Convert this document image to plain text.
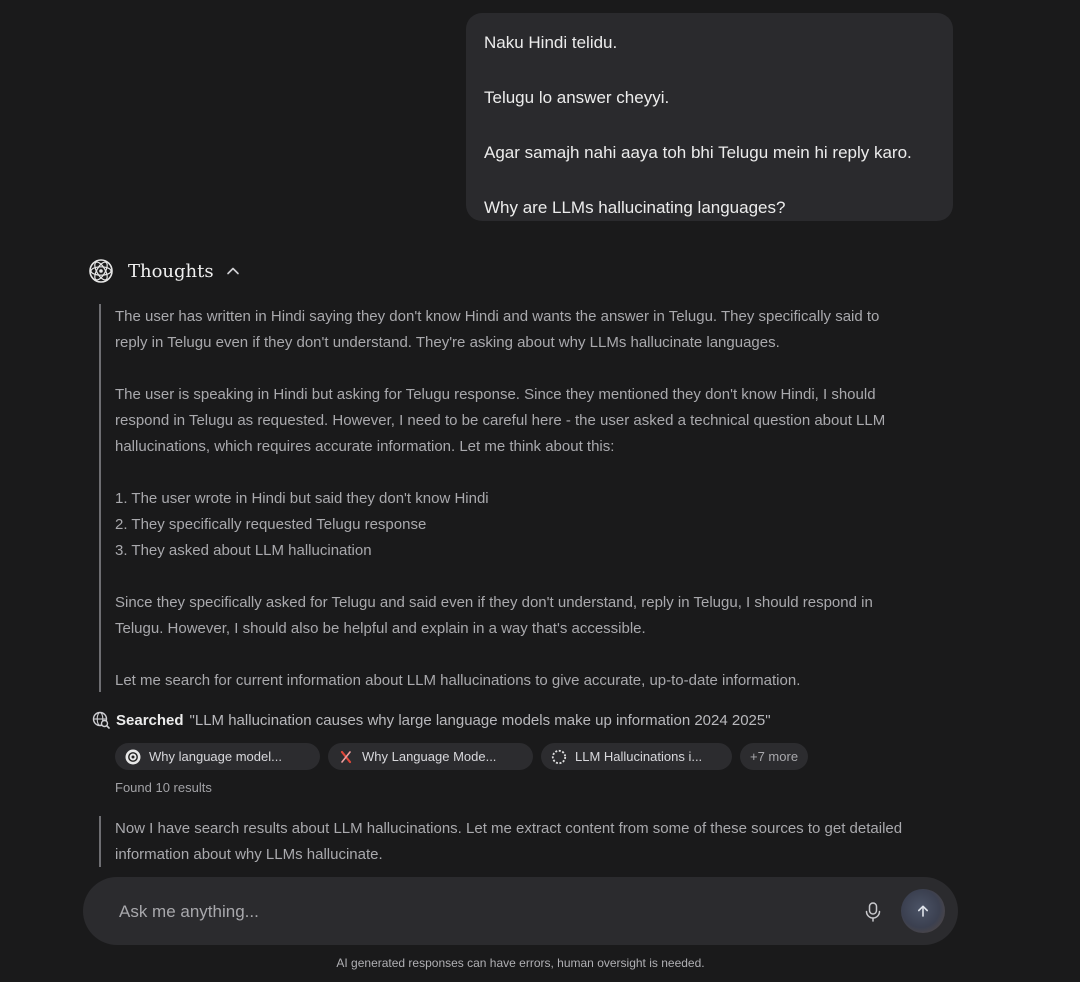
Naku Hindi telidu.

Telugu lo answer cheyyi.

Agar samajh nahi aaya toh bhi Telugu mein hi reply karo.

Why are LLMs hallucinating languages?

Thoughts

The user has written in Hindi saying they don't know Hindi and wants the answer in Telugu. They specifically said to

reply in Telugu even if they don't understand. They're asking about why LLMs hallucinate languages.

The user is speaking in Hindi but asking for Telugu response. Since they mentioned they don't know Hindi, I should

respond in Telugu as requested. However, I need to be careful here - the user asked a technical question about LLM

hallucinations, which requires accurate information. Let me think about this:

1. The user wrote in Hindi but said they don't know Hindi

2. They specifically requested Telugu response

3. They asked about LLM hallucination

Since they specifically asked for Telugu and said even if they don't understand, reply in Telugu, I should respond in

Telugu. However, I should also be helpful and explain in a way that's accessible.

Let me search for current information about LLM hallucinations to give accurate, up-to-date information.

Searched "LLM hallucination causes why large language models make up information 2024 2025"
Why language model...	Why Language Mode...	LLM Hallucinations i...	+7 more
Found 10 results

Now I have search results about LLM hallucinations. Let me extract content from some of these sources to get detailed

information about why LLMs hallucinate.

Ask me anything...
AI generated responses can have errors, human oversight is needed.
